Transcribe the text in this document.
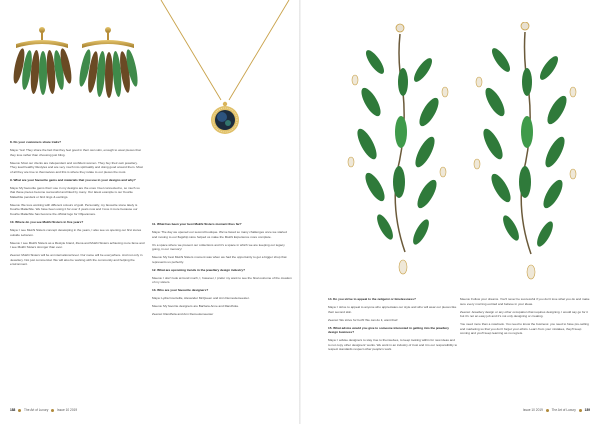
8. Do your customers share traits?

Maya: Yes! They share the fact that they feel good in their own skin, enough to wear pieces that they love rather than choosing just bling.

Meena: Most our clients are independent and confident women. They buy their own jewellery. They lead healthy lifestyles and are very much into spirituality and doing good around them. Most of all they are true to themselves and this is where they relate to our pieces the most.

9. What are your favourite gems and materials that you use in your designs and why?

Maya: My favourite gems that I use in my designs are the ones I feel connected to, so much so that these pieces become successful and liked by many. Our latest example is our Kourtie Malachite pendant or bird rings & earrings.

Meena: We love working with different colours of gold. Personally, my favourite stone lately is Kourtie Malachite. We have been using it for over 3 years now and I love it more because our Kourtie Malachite has become the official logo for Objevamere.

10. Where do you see Mukhi Sisters in five years?

Maya: I see Mukhi Sisters concept developing in the years, I also see us opening our first stores outside Lebanon.

Meena: I see Mukhi Sisters as a lifestyle brand, Ziena and Mukhi Sisters achieving more fame and I see Mukhi Sisters stronger than ever.

Zeenat: Mukhi Sisters will be an international level. Our name will be everywhere. And not only in Jewellery. Not just commercial. We will also be working with the community and helping the environment.

11. What has been your best Mukhi Sisters moment thus far?

Maya: The day we opened our second boutique. We've faced so many challenges once we started and moving to our flagship store helped us make the Mukhi Experience more complete.

It's a space where we present our collections and it's a space in which we are keeping our legacy going, in our memory!

Meena: My best Mukhi Sisters moment was when we had the opportunity to get a bigger shop that represents us perfectly.

12. What are upcoming trends in the jewellery design industry?

Meena: I don't look at trend much, I, however, I prefer my want to see the final outcome of the creation of my sisters.

13. Who are your favourite designers?

Maya: Lydia Courteille, Alexander McQueen and Ann Demeulemeester.

Meena: My favorite designers are Barbara Anne and Randhola.

Zeenat: Randhola and Ann Demeulemeester

14. Do you strive to appeal to the zeitgeist or timelessness?

Maya: I strive to appeal to anyone who appreciates our style and who will wear our pieces like their second skin.

Zeenat: We strive for both! We can do it, want that!

15. What advice would you give to someone interested in getting into the jewellery design business?

Maya: I advise designers to stay true to themselves, to keep looking within for new ideas and to not copy other designers' works. We work in an industry of trust and it is our responsibility to respect standards respect other people's work.

Meena: Follow your dreams. You'll never be successful if you don't love what you do and make sure every morning excited and believe in your ideas.

Zeenat: Jewellery design or any other occupation that requires designing. I would say go for it but it's not an easy job and it's not only designing or creating.

You need more than a notebook. You need to know the business: you need to have pre-selling and marketing so that you don't forget your ethics. Learn from your mistakes, they'll keep coming and you'll keep learning as no regrets.

188	The Art of Luxury	Issue 10 2019	Issue 10 2019	The Art of Luxury	189
